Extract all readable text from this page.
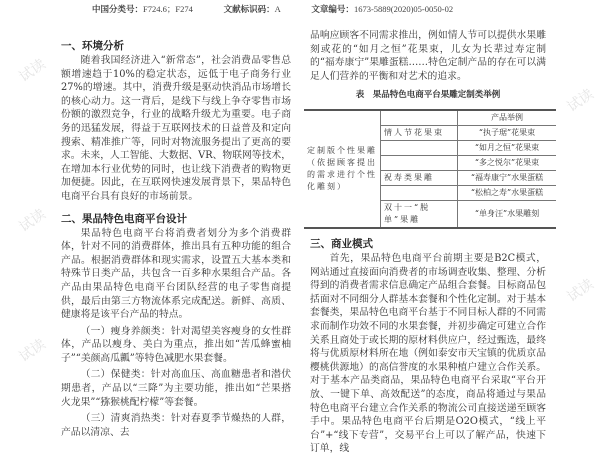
中国分类号：F724.6；F274	文献标识码：A	文章编号：1673-5889(2020)05-0050-02
试读
试读
试读
试读
试读
一、环境分析

随着我国经济进入“新常态”，社会消费品零售总额增速趋于10%的稳定状态，远低于电子商务行业27%的增速。其中，消费升级是驱动快消品市场增长的核心动力。这一背后，是线下与线上争夺零售市场份额的激烈竞争，行业的战略升级尤为重要。电子商务的迅猛发展，得益于互联网技术的日益普及和定向搜索、精准推广等，同时对物流服务提出了更高的要求。未来，人工智能、大数据、VR、物联网等技术，在增加本行业优势的同时，也让线下消费者的购物更加便捷。因此，在互联网快速发展背景下，果品特色电商平台具有良好的市场前景。

二、果品特色电商平台设计

果品特色电商平台将消费者划分为多个消费群体，针对不同的消费群体，推出具有五种功能的组合产品。根据消费群体和现实需求，设置五大基本类和特殊节日类产品，共包含一百多种水果组合产品。各产品由果品特色电商平台团队经营的电子零售商提供，最后由第三方物流体系完成配送。新鲜、高质、健康将是该平台产品的特点。

（一）瘦身养颜类：针对渴望美容瘦身的女性群体，产品以瘦身、美白为重点，推出如“苦瓜蜂蜜柚子”“美颜高瓜瓤”等特色减肥水果套餐。

（二）保健类：针对高血压、高血糖患者和潜伏期患者，产品以“三降”为主要功能，推出如“芒果搭火龙果”“猕猴桃配柠檬”等套餐。

（三）清爽消热类：针对春夏季节燥热的人群，产品以清凉、去

品响应顾客不同需求推出，例如情人节可以提供水果雕刻或花的“如月之恒”花果束，儿女为长辈过寿定制的“福寿康宁”果雕蛋糕……特色定制产品的存在可以满足人们营养的平衡和对艺术的追求。

表　果品特色电商平台果雕定制类举例
定制版个性果雕（依据顾客提出的需求进行个性化雕刻）		产品举例
	情人节花果束	“执子琚”花果束
		“如月之恒”花果束
		“多之悦尔”花果束
	祝寿类果雕	“福寿康宁”水果蛋糕
		“松柏之寿”水果蛋糕
	双十一“脱单”果雕	“单身汪”水果雕刻
三、商业模式

首先，果品特色电商平台前期主要是B2C模式，网站通过直接面向消费者的市场调查收集、整理、分析得到的消费者需求信息确定产品组合套餐。目标商品包括面对不同细分人群基本套餐和个性化定制。对于基本套餐类，果品特色电商平台基于不同目标人群的不同需求而制作功效不同的水果套餐，并初步确定可建立合作关系且商处于或长期的原材料供应户，经过甄选，最终将与优质原材料所在地（例如泰安市天宝镇的优质京品樱桃供源地）的高信誉度的水果种植户建立合作关系。对于基本产品类商品，果品特色电商平台采取“平台开放、一键下单、高效配送”的态度，商品将通过与果品特色电商平台建立合作关系的物流公司直接送递至顾客手中。果品特色电商平台后期是O2O模式，“线上平台”+“线下专营”，交易平台上可以了解产品，快速下订单，线
